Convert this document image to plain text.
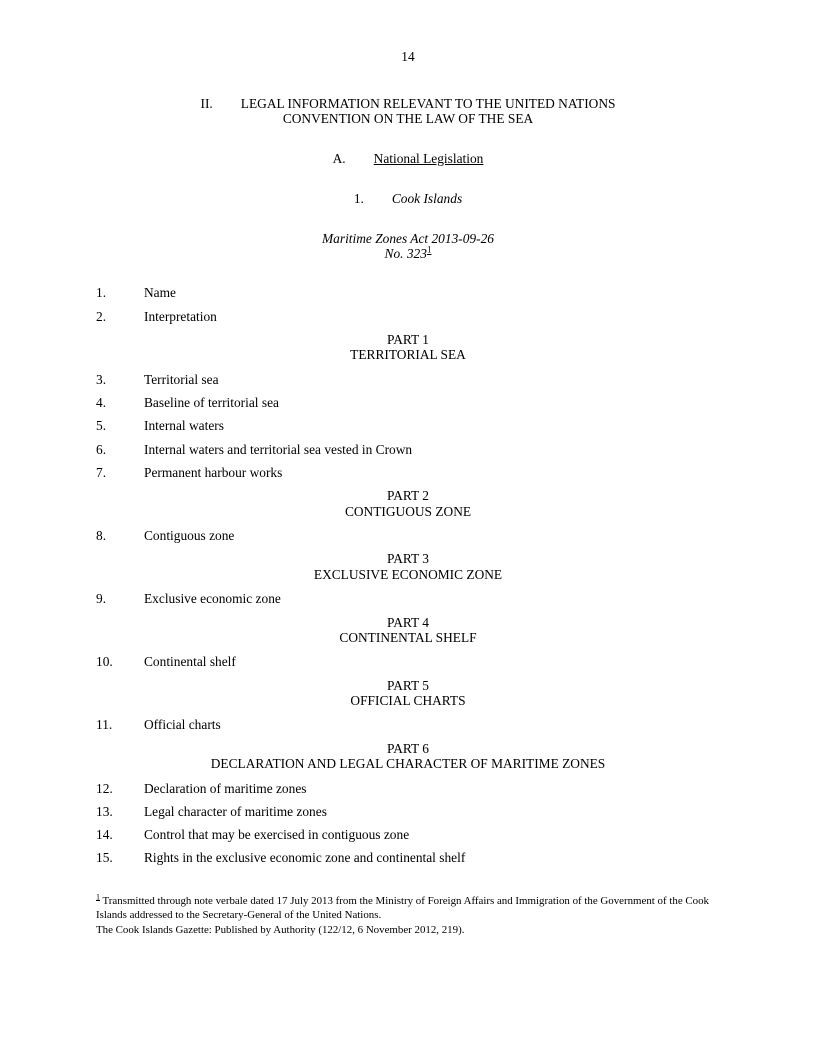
14
II. LEGAL INFORMATION RELEVANT TO THE UNITED NATIONS
CONVENTION ON THE LAW OF THE SEA
A. National Legislation
1. Cook Islands
Maritime Zones Act 2013-09-26
No. 323$^1$
1.	Name
2.	Interpretation
PART 1
TERRITORIAL SEA
3.	Territorial sea
4.	Baseline of territorial sea
5.	Internal waters
6.	Internal waters and territorial sea vested in Crown
7.	Permanent harbour works
PART 2
CONTIGUOUS ZONE
8.	Contiguous zone
PART 3
EXCLUSIVE ECONOMIC ZONE
9.	Exclusive economic zone
PART 4
CONTINENTAL SHELF
10.	Continental shelf
PART 5
OFFICIAL CHARTS
11.	Official charts
PART 6
DECLARATION AND LEGAL CHARACTER OF MARITIME ZONES
12.	Declaration of maritime zones
13.	Legal character of maritime zones
14.	Control that may be exercised in contiguous zone
15.	Rights in the exclusive economic zone and continental shelf
$^1$ Transmitted through note verbale dated 17 July 2013 from the Ministry of Foreign Affairs and Immigration of the Government of the Cook Islands addressed to the Secretary-General of the United Nations.
The Cook Islands Gazette: Published by Authority (122/12, 6 November 2012, 219).
